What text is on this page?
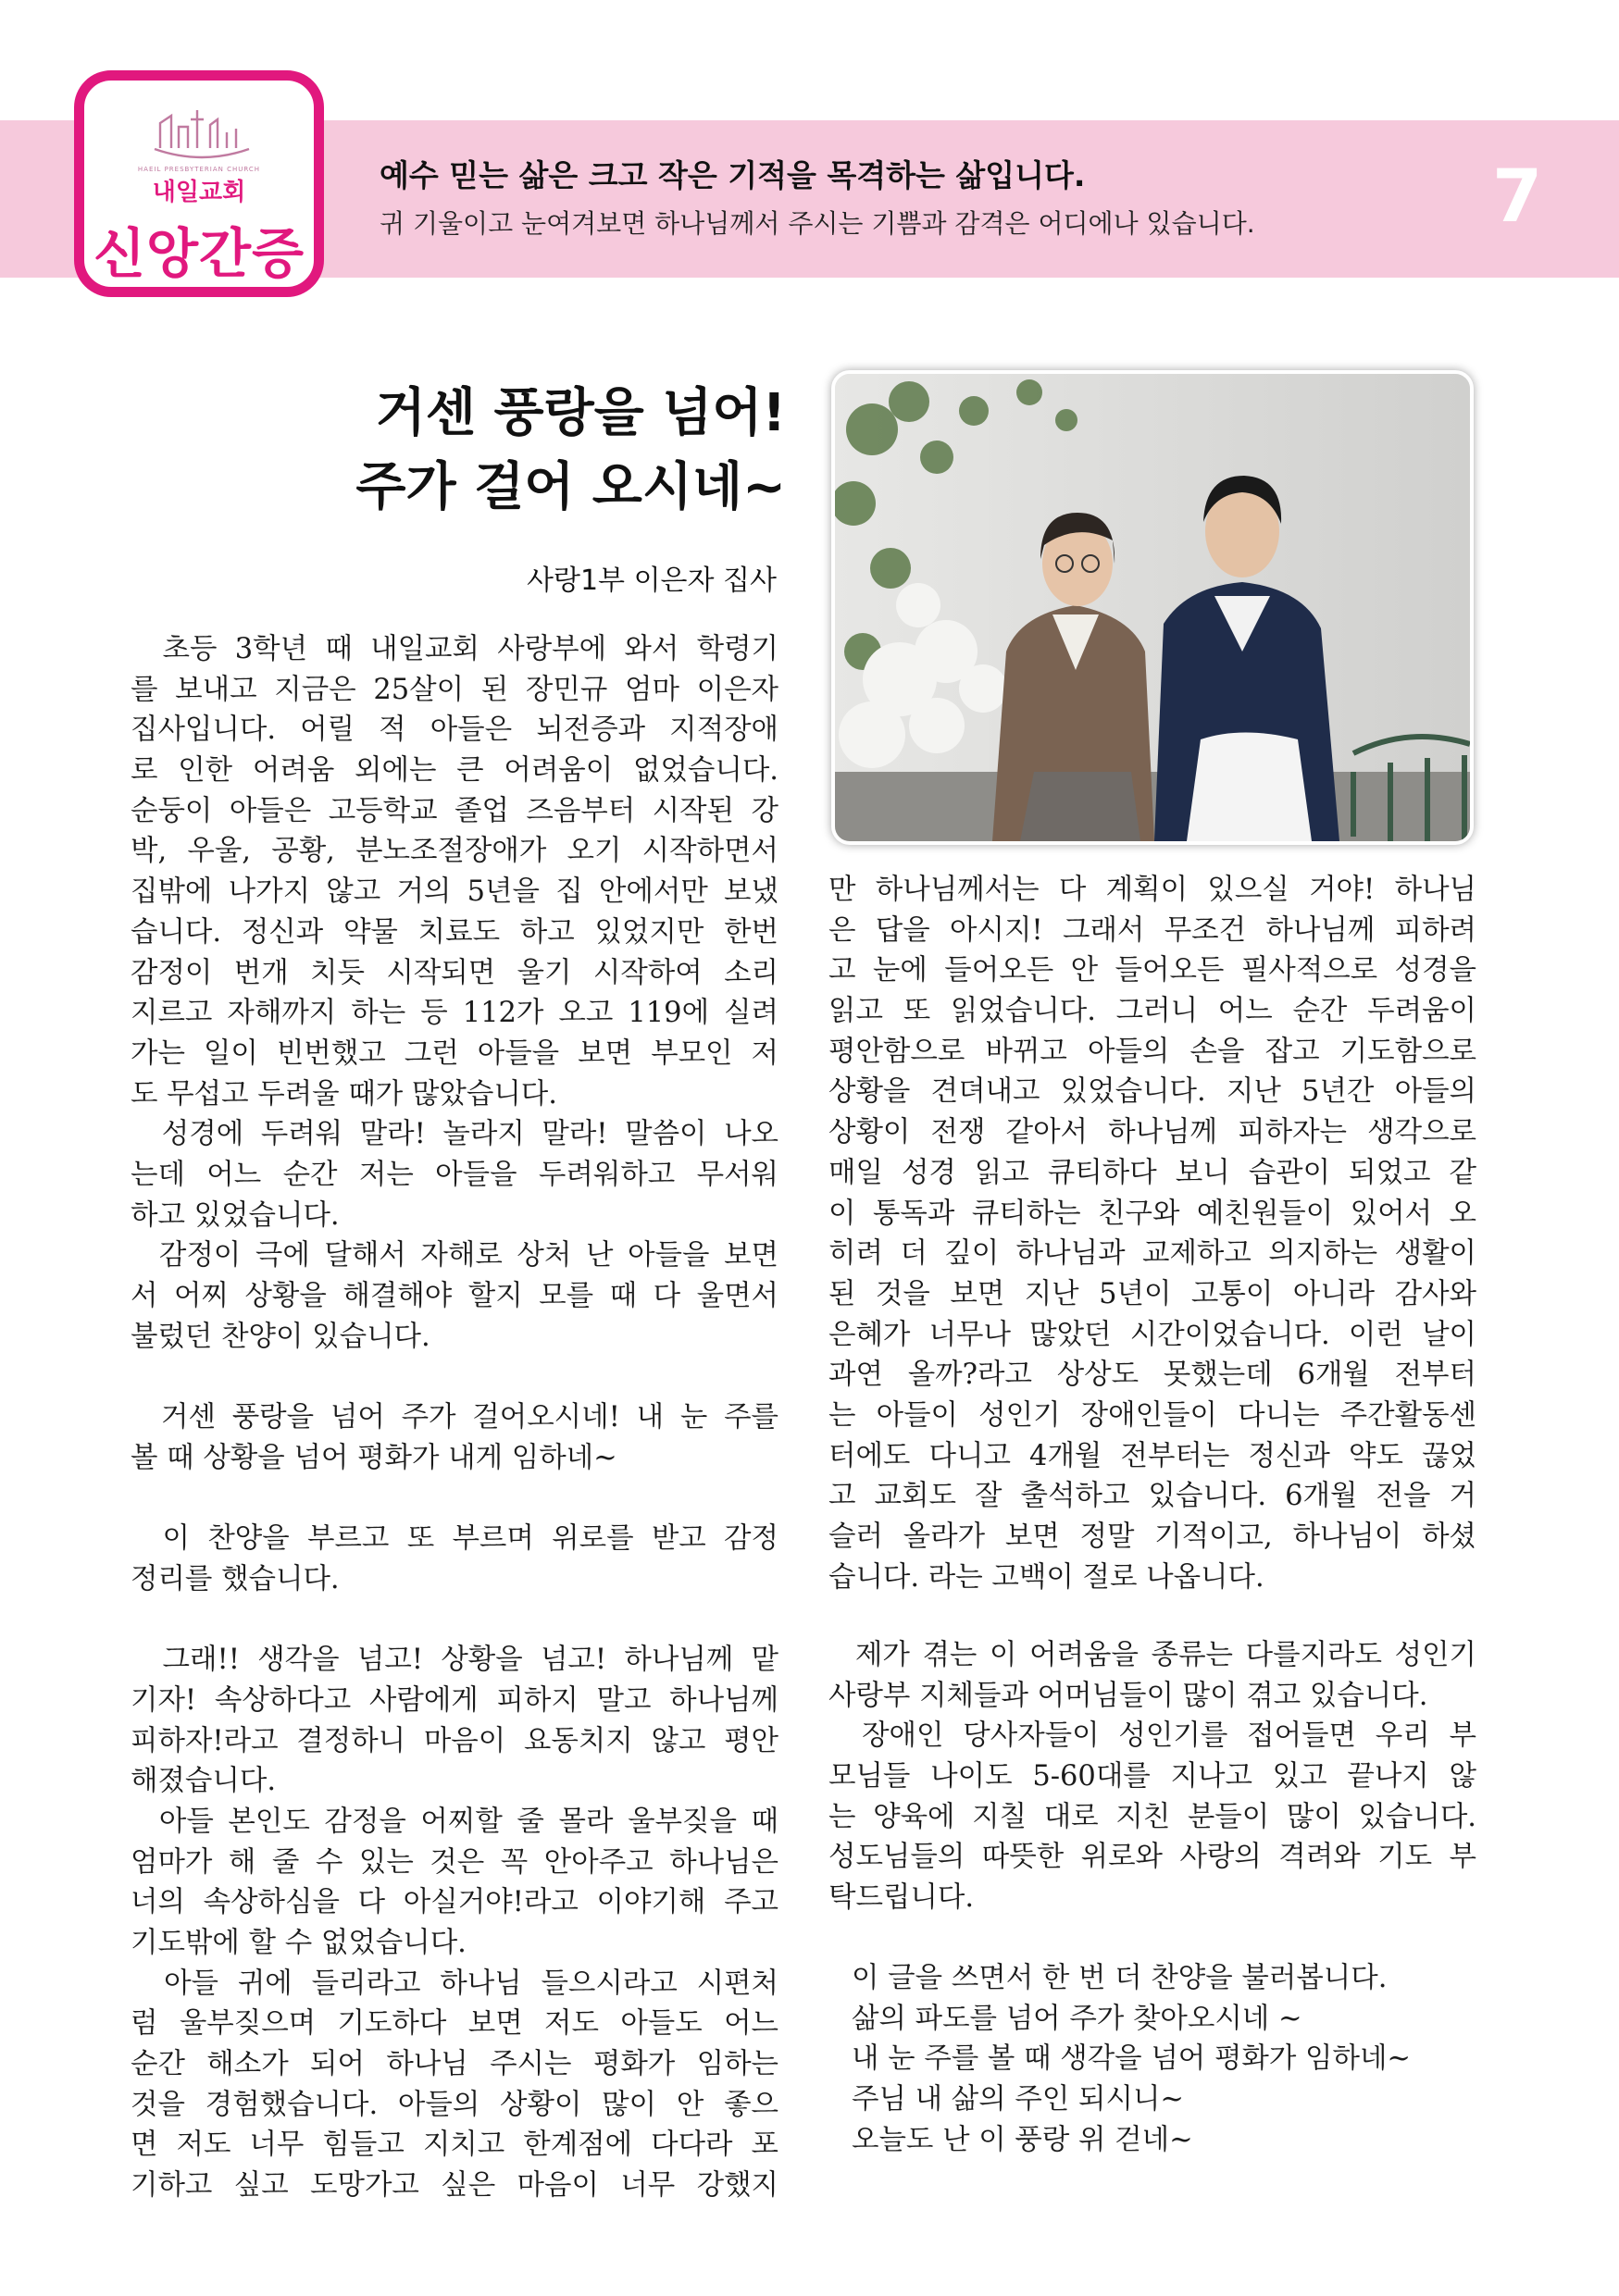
HAEIL PRESBYTERIAN CHURCH
내일교회
신앙간증
예수 믿는 삶은 크고 작은 기적을 목격하는 삶입니다.
귀 기울이고 눈여겨보면 하나님께서 주시는 기쁨과 감격은 어디에나 있습니다.	7
거센 풍랑을 넘어!
주가 걸어 오시네~
사랑1부 이은자 집사
  초등 3학년 때 내일교회 사랑부에 와서 학령기
를 보내고 지금은 25살이 된 장민규 엄마 이은자
집사입니다. 어릴 적 아들은 뇌전증과 지적장애
로 인한 어려움 외에는 큰 어려움이 없었습니다.
순둥이 아들은 고등학교 졸업 즈음부터 시작된 강
박, 우울, 공황, 분노조절장애가 오기 시작하면서
집밖에 나가지 않고 거의 5년을 집 안에서만 보냈
습니다. 정신과 약물 치료도 하고 있었지만 한번
감정이 번개 치듯 시작되면 울기 시작하여 소리
지르고 자해까지 하는 등 112가 오고 119에 실려
가는 일이 빈번했고 그런 아들을 보면 부모인 저
도 무섭고 두려울 때가 많았습니다.
  성경에 두려워 말라! 놀라지 말라! 말씀이 나오
는데 어느 순간 저는 아들을 두려워하고 무서워
하고 있었습니다.
  감정이 극에 달해서 자해로 상처 난 아들을 보면
서 어찌 상황을 해결해야 할지 모를 때 다 울면서
불렀던 찬양이 있습니다.
  거센 풍랑을 넘어 주가 걸어오시네! 내 눈 주를
볼 때 상황을 넘어 평화가 내게 임하네~
  이 찬양을 부르고 또 부르며 위로를 받고 감정
정리를 했습니다.
  그래!! 생각을 넘고! 상황을 넘고! 하나님께 맡
기자! 속상하다고 사람에게 피하지 말고 하나님께
피하자!라고 결정하니 마음이 요동치지 않고 평안
해졌습니다.
  아들 본인도 감정을 어찌할 줄 몰라 울부짖을 때
엄마가 해 줄 수 있는 것은 꼭 안아주고 하나님은
너의 속상하심을 다 아실거야!라고 이야기해 주고
기도밖에 할 수 없었습니다.
  아들 귀에 들리라고 하나님 들으시라고 시편처
럼 울부짖으며 기도하다 보면 저도 아들도 어느
순간 해소가 되어 하나님 주시는 평화가 임하는
것을 경험했습니다. 아들의 상황이 많이 안 좋으
면 저도 너무 힘들고 지치고 한계점에 다다라 포
기하고 싶고 도망가고 싶은 마음이 너무 강했지
만 하나님께서는 다 계획이 있으실 거야! 하나님
은 답을 아시지! 그래서 무조건 하나님께 피하려
고 눈에 들어오든 안 들어오든 필사적으로 성경을
읽고 또 읽었습니다. 그러니 어느 순간 두려움이
평안함으로 바뀌고 아들의 손을 잡고 기도함으로
상황을 견뎌내고 있었습니다. 지난 5년간 아들의
상황이 전쟁 같아서 하나님께 피하자는 생각으로
매일 성경 읽고 큐티하다 보니 습관이 되었고 같
이 통독과 큐티하는 친구와 예친원들이 있어서 오
히려 더 깊이 하나님과 교제하고 의지하는 생활이
된 것을 보면 지난 5년이 고통이 아니라 감사와
은혜가 너무나 많았던 시간이었습니다. 이런 날이
과연 올까?라고 상상도 못했는데 6개월 전부터
는 아들이 성인기 장애인들이 다니는 주간활동센
터에도 다니고 4개월 전부터는 정신과 약도 끊었
고 교회도 잘 출석하고 있습니다. 6개월 전을 거
슬러 올라가 보면 정말 기적이고, 하나님이 하셨
습니다. 라는 고백이 절로 나옵니다.
  제가 겪는 이 어려움을 종류는 다를지라도 성인기
사랑부 지체들과 어머님들이 많이 겪고 있습니다.
  장애인 당사자들이 성인기를 접어들면 우리 부
모님들 나이도 5-60대를 지나고 있고 끝나지 않
는 양육에 지칠 대로 지친 분들이 많이 있습니다.
성도님들의 따뜻한 위로와 사랑의 격려와 기도 부
탁드립니다.
이 글을 쓰면서 한 번 더 찬양을 불러봅니다.
삶의 파도를 넘어 주가 찾아오시네 ~
내 눈 주를 볼 때 생각을 넘어 평화가 임하네~
주님 내 삶의 주인 되시니~
오늘도 난 이 풍랑 위 걷네~
